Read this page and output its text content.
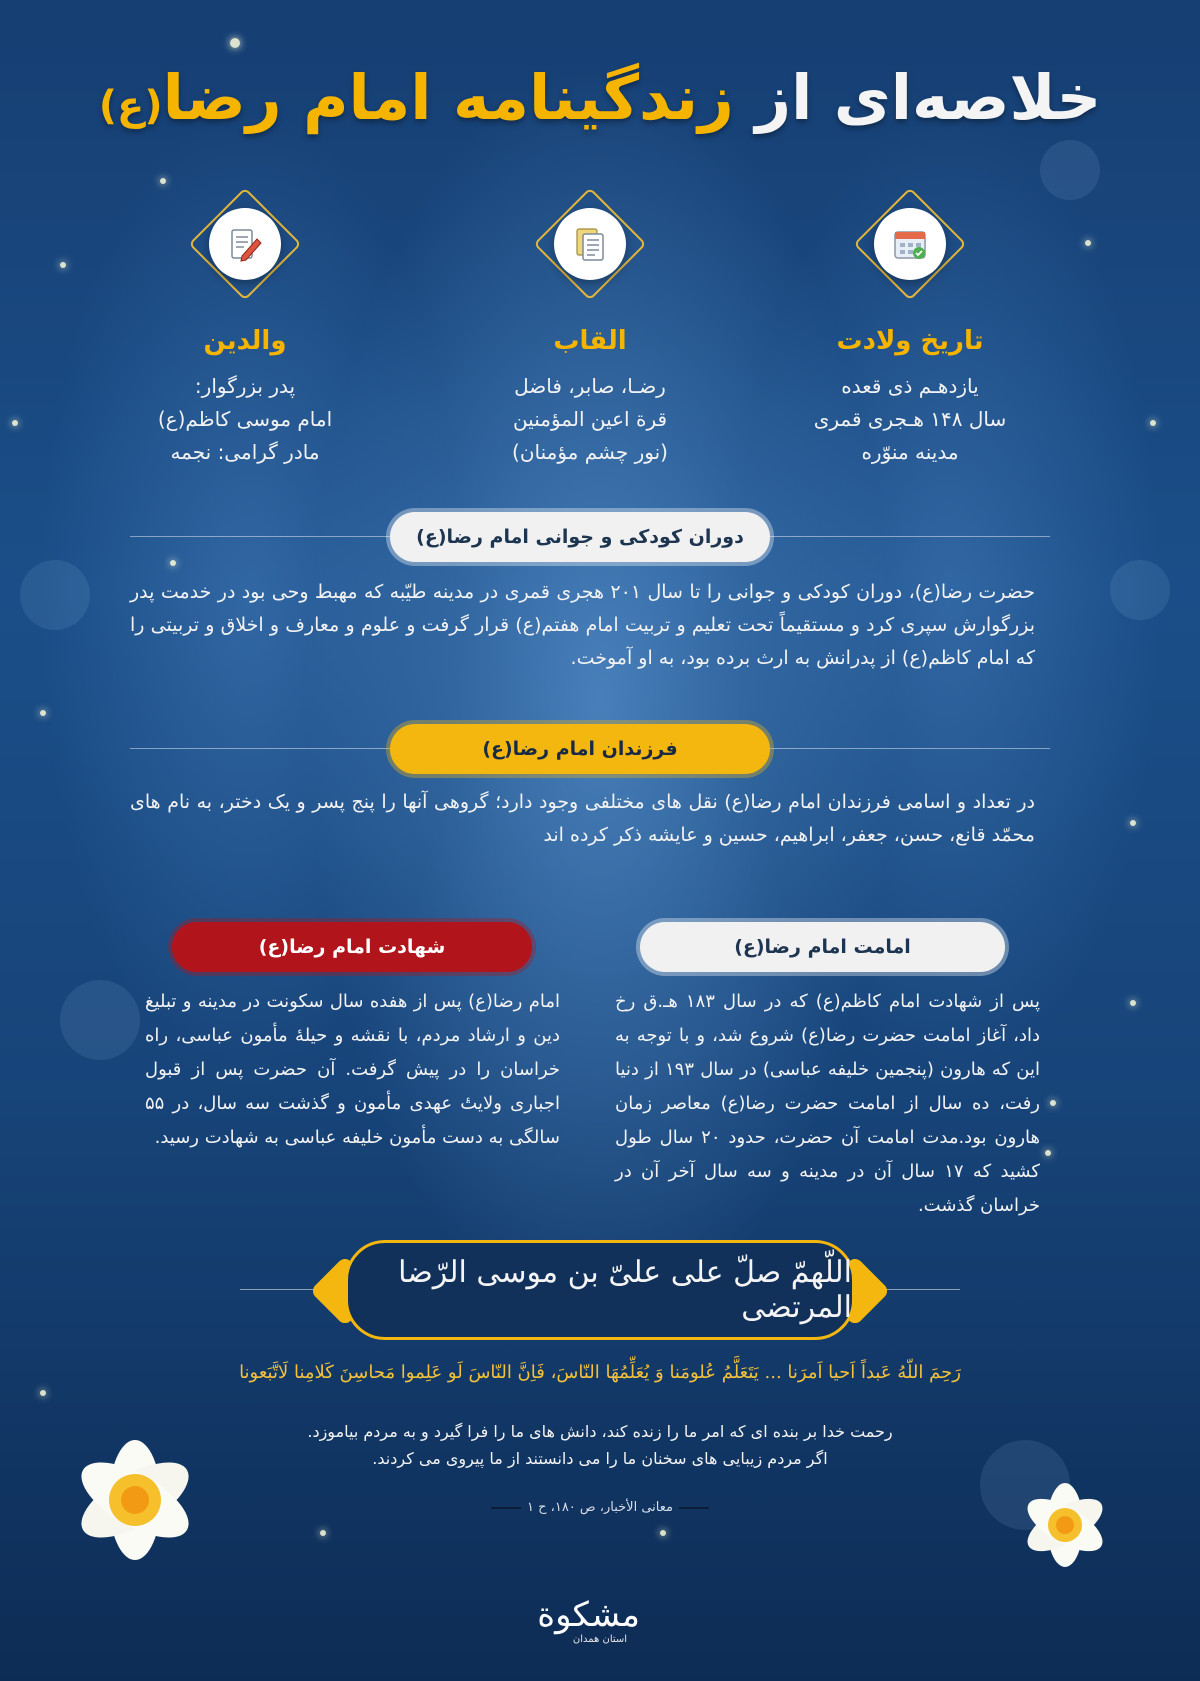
خلاصه‌ای از زندگینامه امام رضا(ع)
تاریخ ولادت

یازدهـم ذی قعده
سال ۱۴۸ هـجری قمری
مدینه منوّره

القاب

رضـا، صابر، فاضل
قرة اعین المؤمنین
(نور چشم مؤمنان)

والدین

پدر بزرگوار:
امام موسی کاظم(ع)
مادر گرامی: نجمه

دوران کودکی و جوانی امام رضا(ع)

حضرت رضا(ع)، دوران کودکی و جوانی را تا سال ۲۰۱ هجری قمری در مدینه طیّبه که مهبط وحی بود در خدمت پدر بزرگوارش سپری کرد و مستقیماً تحت تعلیم و تربیت امام هفتم(ع) قرار گرفت و علوم و معارف و اخلاق و تربیتی را که امام کاظم(ع) از پدرانش به ارث برده بود، به او آموخت.

فرزندان امام رضا(ع)

در تعداد و اسامی فرزندان امام رضا(ع) نقل های مختلفی وجود دارد؛ گروهی آنها را پنج پسر و یک دختر، به نام های محمّد قانع، حسن، جعفر، ابراهیم، حسین و عایشه ذکر کرده اند

امامت امام رضا(ع)

پس از شهادت امام کاظم(ع) که در سال ۱۸۳ هـ.ق رخ داد، آغاز امامت حضرت رضا(ع) شروع شد، و با توجه به این که هارون (پنجمین خلیفه عباسی) در سال ۱۹۳ از دنیا رفت، ده سال از امامت حضرت رضا(ع) معاصر زمان هارون بود.مدت امامت آن حضرت، حدود ۲۰ سال طول کشید که ۱۷ سال آن در مدینه و سه سال آخر آن در خراسان گذشت.

شهادت امام رضا(ع)

امام رضا(ع) پس از هفده سال سکونت در مدینه و تبلیغ دین و ارشاد مردم، با نقشه و حیلهٔ مأمون عباسی، راه خراسان را در پیش گرفت. آن حضرت پس از قبول اجباری ولایتٔ عهدی مأمون و گذشت سه سال، در ۵۵ سالگی به دست مأمون خلیفه عباسی به شهادت رسید.

اللّهمّ صلّ علی علیّ بن موسی الرّضا المرتضی

رَحِمَ اللّهُ عَبداً اَحیا اَمرَنا ... یَتَعَلَّمُ عُلومَنا وَ یُعَلِّمُهَا النّاسَ، فَاِنَّ النّاسَ لَو عَلِموا مَحاسِنَ کَلامِنا لَاتَّبَعونا

رحمت خدا بر بنده ای که امر ما را زنده کند، دانش های ما را فرا گیرد و به مردم بیاموزد.
اگر مردم زیبایی های سخنان ما را می دانستند از ما پیروی می کردند.

معانی الأخبار، ص ۱۸۰، ح ۱

مشکوة
استان همدان
